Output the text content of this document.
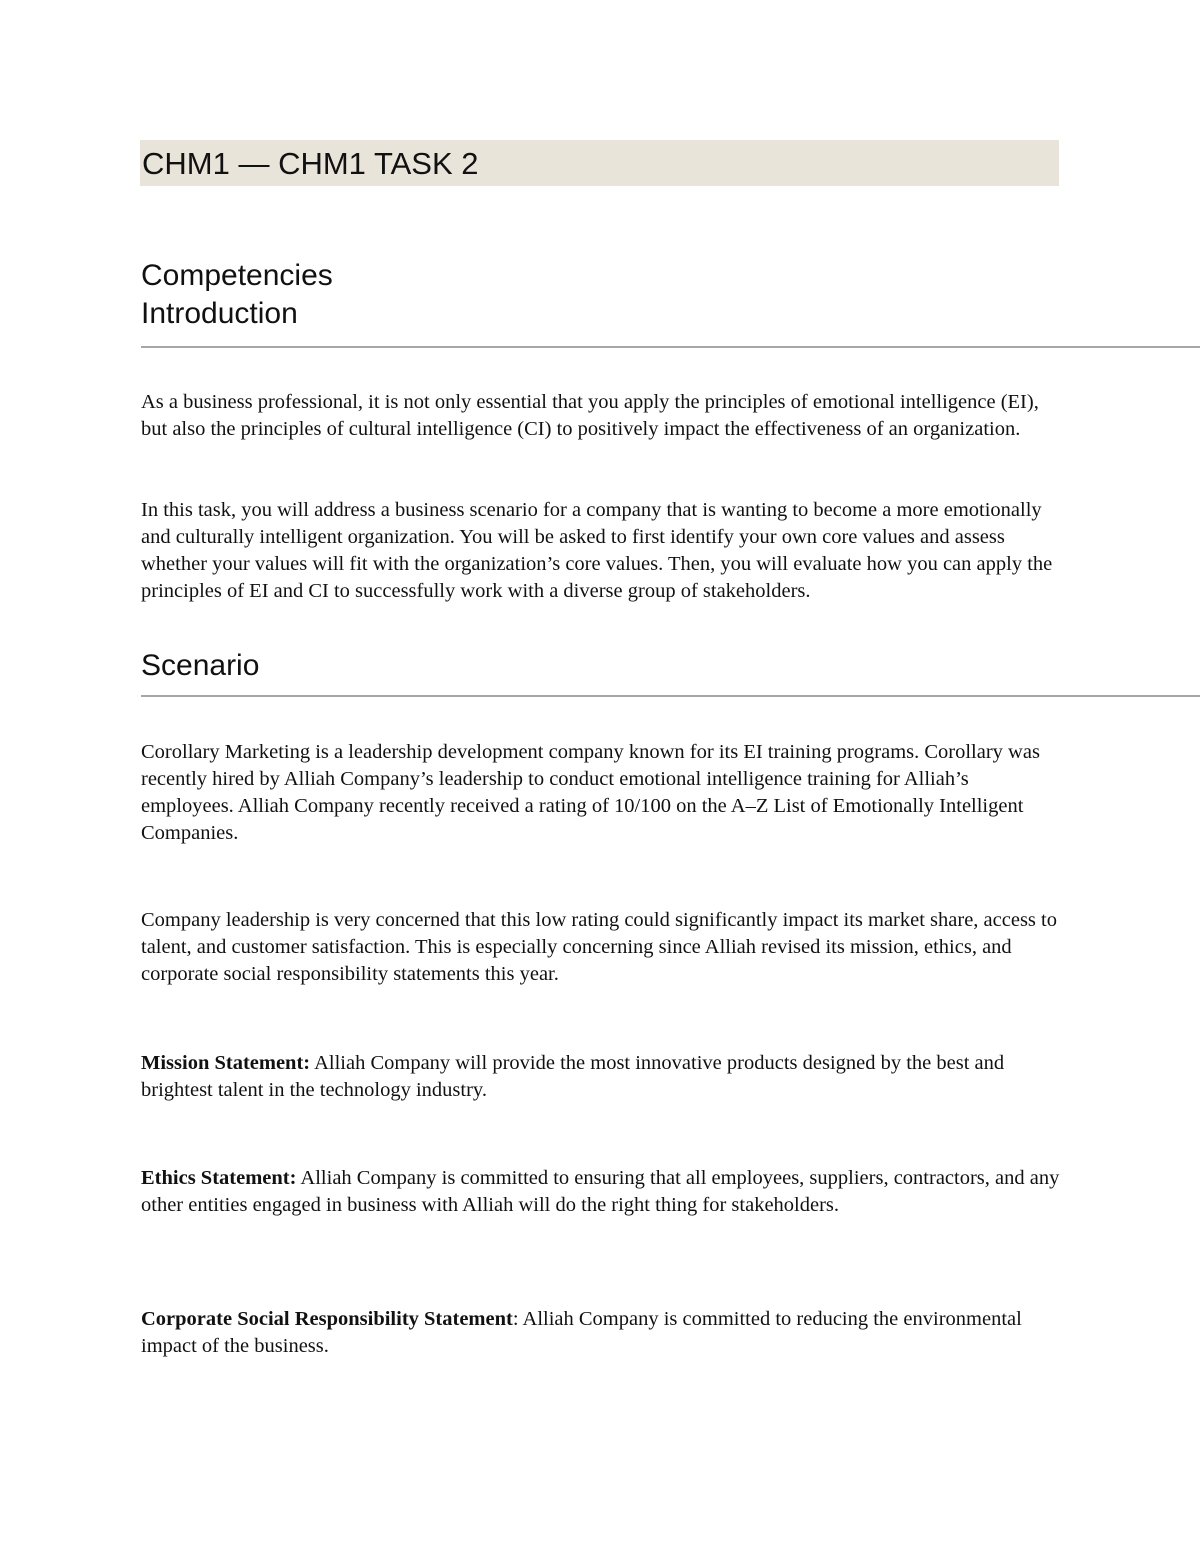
CHM1 — CHM1 TASK 2
Competencies
Introduction

As a business professional, it is not only essential that you apply the principles of emotional intelligence (EI), but also the principles of cultural intelligence (CI) to positively impact the effectiveness of an organization.

In this task, you will address a business scenario for a company that is wanting to become a more emotionally and culturally intelligent organization. You will be asked to first identify your own core values and assess whether your values will fit with the organization’s core values. Then, you will evaluate how you can apply the principles of EI and CI to successfully work with a diverse group of stakeholders.

Scenario

Corollary Marketing is a leadership development company known for its EI training programs. Corollary was recently hired by Alliah Company’s leadership to conduct emotional intelligence training for Alliah’s employees. Alliah Company recently received a rating of 10/100 on the A–Z List of Emotionally Intelligent Companies.

Company leadership is very concerned that this low rating could significantly impact its market share, access to talent, and customer satisfaction. This is especially concerning since Alliah revised its mission, ethics, and corporate social responsibility statements this year.

Mission Statement: Alliah Company will provide the most innovative products designed by the best and brightest talent in the technology industry.

Ethics Statement: Alliah Company is committed to ensuring that all employees, suppliers, contractors, and any other entities engaged in business with Alliah will do the right thing for stakeholders.

Corporate Social Responsibility Statement: Alliah Company is committed to reducing the environmental impact of the business.
